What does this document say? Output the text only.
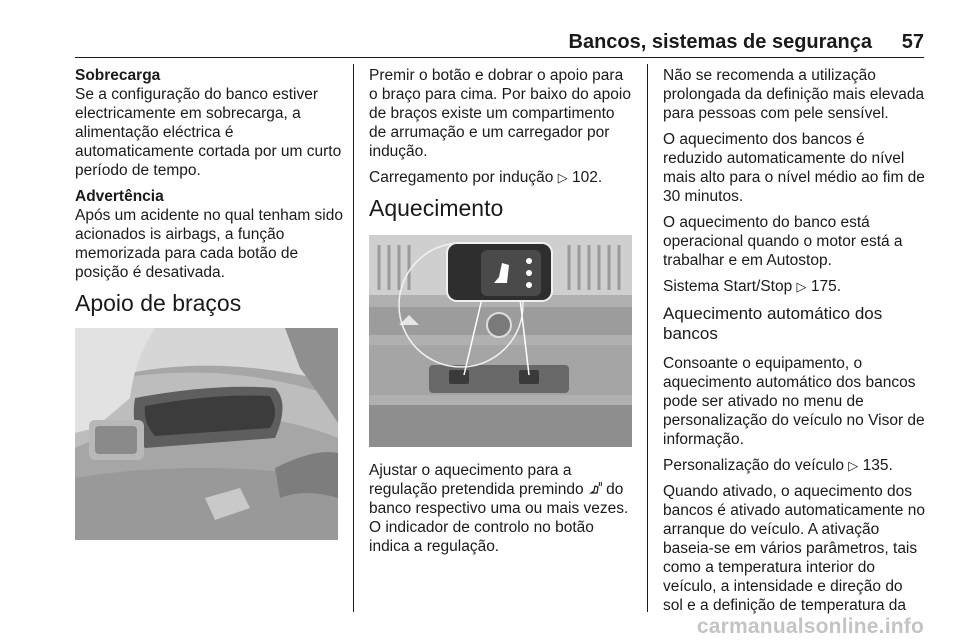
Bancos, sistemas de segurança 57

Sobrecarga
Se a configuração do banco estiver electricamente em sobrecarga, a alimentação eléctrica é automaticamente cortada por um curto período de tempo.

Advertência
Após um acidente no qual tenham sido acionados is airbags, a função memorizada para cada botão de posição é desativada.

Apoio de braços

Premir o botão e dobrar o apoio para o braço para cima. Por baixo do apoio de braços existe um compartimento de arrumação e um carregador por indução.

Carregamento por indução ▷ 102.

Aquecimento

Ajustar o aquecimento para a regulação pretendida premindo  do banco respectivo uma ou mais vezes. O indicador de controlo no botão indica a regulação.

Não se recomenda a utilização prolongada da definição mais elevada para pessoas com pele sensível.

O aquecimento dos bancos é reduzido automaticamente do nível mais alto para o nível médio ao fim de 30 minutos.

O aquecimento do banco está operacional quando o motor está a trabalhar e em Autostop.

Sistema Start/Stop ▷ 175.

Aquecimento automático dos bancos

Consoante o equipamento, o aquecimento automático dos bancos pode ser ativado no menu de personalização do veículo no Visor de informação.

Personalização do veículo ▷ 135.

Quando ativado, o aquecimento dos bancos é ativado automaticamente no arranque do veículo. A ativação baseia-se em vários parâmetros, tais como a temperatura interior do veículo, a intensidade e direção do sol e a definição de temperatura da

carmanualsonline.info
